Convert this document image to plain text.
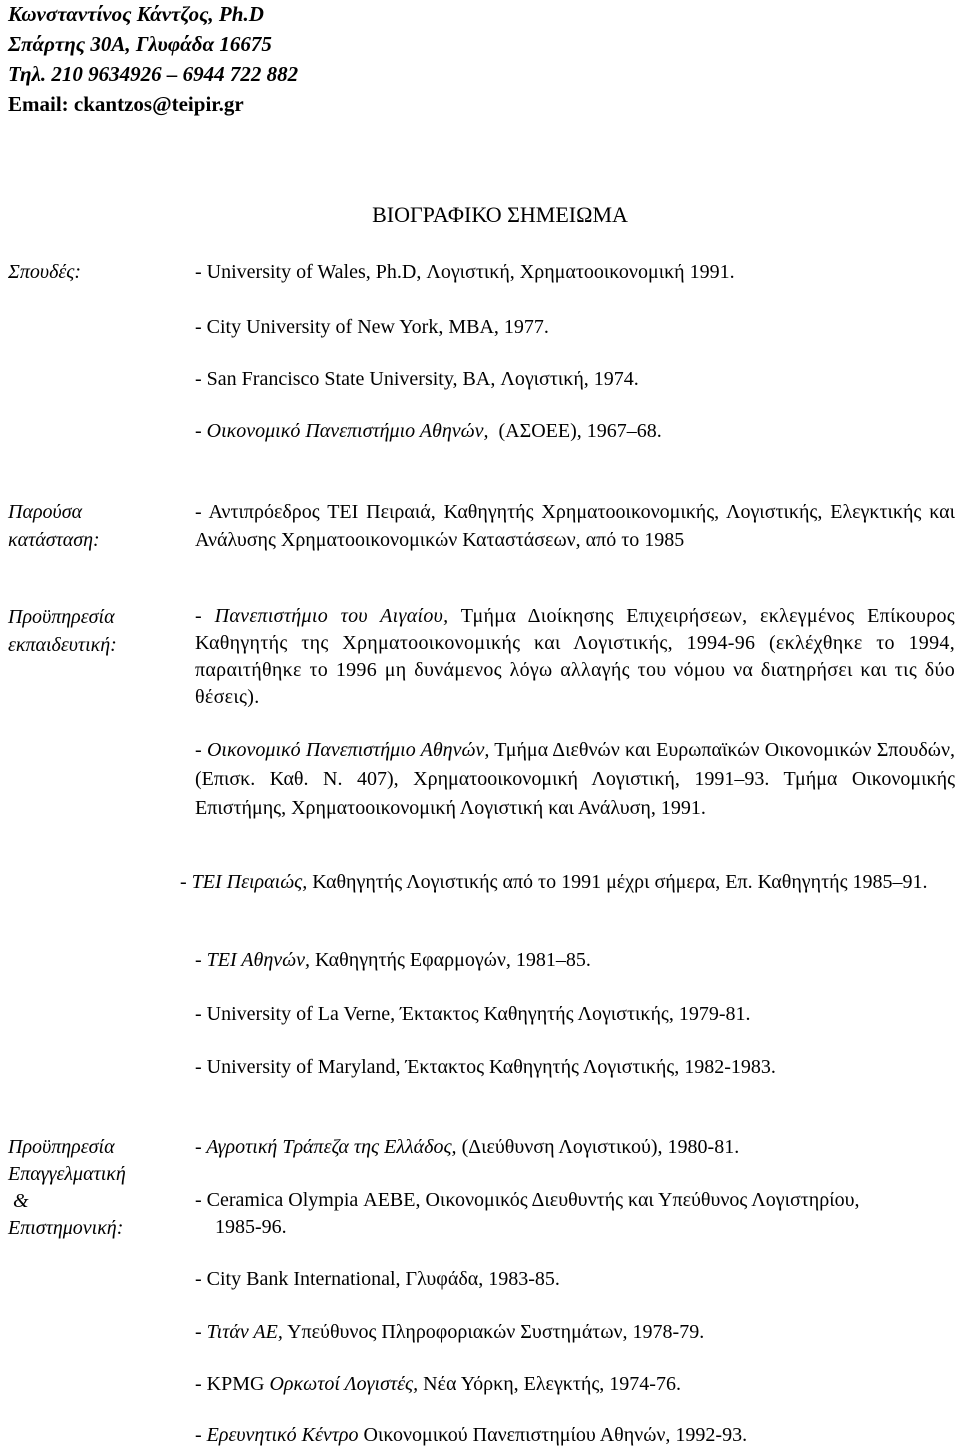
Κωνσταντίνος Κάντζος, Ph.D
Σπάρτης 30Α, Γλυφάδα 16675
Τηλ. 210 9634926 – 6944 722 882
Email: ckantzos@teipir.gr
ΒΙΟΓΡΑΦΙΚΟ ΣΗΜΕΙΩΜΑ
Σπουδές:	- University of Wales, Ph.D, Λογιστική, Χρηματοοικονομική 1991.
- City University of New York, MBA, 1977.
- San Francisco State University, BA, Λογιστική, 1974.
- Οικονομικό Πανεπιστήμιο Αθηνών,  (ΑΣΟΕΕ), 1967–68.
Παρούσα
κατάσταση:
- Αντιπρόεδρος ΤΕΙ Πειραιά, Καθηγητής Χρηματοοικονομικής, Λογιστικής, Ελεγκτικής και Ανάλυσης Χρηματοοικονομικών Καταστάσεων, από το 1985
Προϋπηρεσία
εκπαιδευτική:
- Πανεπιστήμιο του Αιγαίου, Τμήμα Διοίκησης Επιχειρήσεων, εκλεγμένος Επίκουρος Καθηγητής της Χρηματοοικονομικής και Λογιστικής, 1994-96 (εκλέχθηκε το 1994, παραιτήθηκε το 1996 μη δυνάμενος λόγω αλλαγής του νόμου να διατηρήσει και τις δύο θέσεις).
- Οικονομικό Πανεπιστήμιο Αθηνών, Τμήμα Διεθνών και Ευρωπαϊκών Οικονομικών Σπουδών, (Επισκ. Καθ. Ν. 407), Χρηματοοικονομική Λογιστική, 1991–93. Τμήμα Οικονομικής Επιστήμης, Χρηματοοικονομική Λογιστική και Ανάλυση, 1991.
- ΤΕΙ Πειραιώς, Καθηγητής Λογιστικής από το 1991 μέχρι σήμερα, Επ. Καθηγητής 1985–91.
- ΤΕΙ Αθηνών, Καθηγητής Εφαρμογών, 1981–85.
- University of La Verne, Έκτακτος Καθηγητής Λογιστικής, 1979-81.
- University of Maryland, Έκτακτος Καθηγητής Λογιστικής, 1982-1983.
Προϋπηρεσία
Επαγγελματική
&
Επιστημονική:
- Αγροτική Τράπεζα της Ελλάδος, (Διεύθυνση Λογιστικού), 1980-81.
- Ceramica Olympia ΑΕΒΕ, Οικονομικός Διευθυντής και Υπεύθυνος Λογιστηρίου, 1985-96.
- City Bank International, Γλυφάδα, 1983-85.
- Τιτάν ΑΕ, Υπεύθυνος Πληροφοριακών Συστημάτων, 1978-79.
- KPMG Ορκωτοί Λογιστές, Νέα Υόρκη, Ελεγκτής, 1974-76.
- Ερευνητικό Κέντρο Οικονομικού Πανεπιστημίου Αθηνών, 1992-93.
